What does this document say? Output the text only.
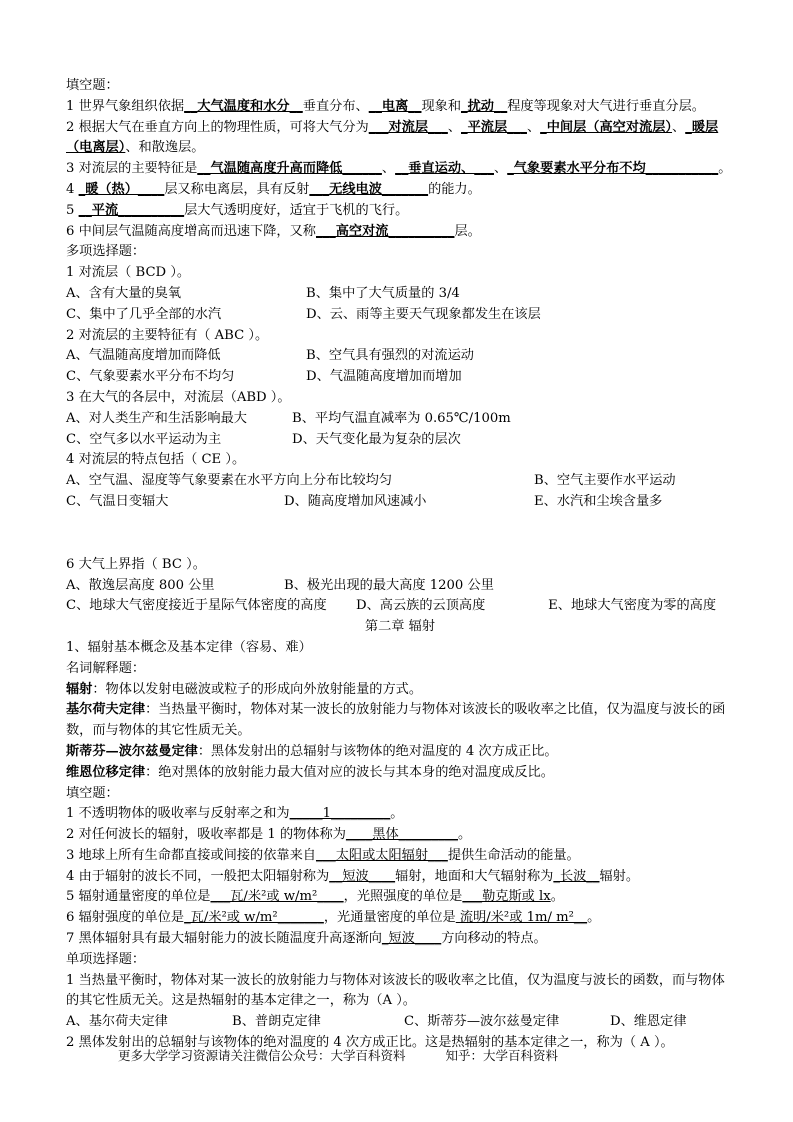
填空题：
1 世界气象组织依据__大气温度和水分__垂直分布、__电离__现象和_扰动__程度等现象对大气进行垂直分层。
2 根据大气在垂直方向上的物理性质，可将大气分为___对流层___、_平流层___、_中间层（高空对流层）、_暖层（电离层）、和散逸层。
3 对流层的主要特征是__气温随高度升高而降低______、__垂直运动、___、_气象要素水平分布不均___________。
4 _暖（热）____层又称电离层，具有反射___无线电波_______的能力。
5 __平流__________层大气透明度好，适宜于飞机的飞行。
6 中间层气温随高度增高而迅速下降，又称___高空对流__________层。
多项选择题：
1 对流层（ BCD ）。
A、含有大量的臭氧	B、集中了大气质量的 3/4
C、集中了几乎全部的水汽	D、云、雨等主要天气现象都发生在该层
2 对流层的主要特征有（ ABC ）。
A、气温随高度增加而降低	B、空气具有强烈的对流运动
C、气象要素水平分布不均匀	D、气温随高度增加而增加
3 在大气的各层中，对流层（ABD ）。
A、对人类生产和生活影响最大	B、平均气温直减率为 0.65℃/100m
C、空气多以水平运动为主	D、天气变化最为复杂的层次
4 对流层的特点包括（ CE ）。
A、空气温、湿度等气象要素在水平方向上分布比较均匀	B、空气主要作水平运动
C、气温日变辐大	D、随高度增加风速减小	E、水汽和尘埃含量多
6 大气上界指（ BC ）。
A、散逸层高度 800 公里	B、极光出现的最大高度 1200 公里
C、地球大气密度接近于星际气体密度的高度 D、高云族的云顶高度	E、地球大气密度为零的高度
第二章 辐射
1、辐射基本概念及基本定律（容易、难）
名词解释题：
辐射：物体以发射电磁波或粒子的形成向外放射能量的方式。
基尔荷夫定律：当热量平衡时，物体对某一波长的放射能力与物体对该波长的吸收率之比值，仅为温度与波长的函数，而与物体的其它性质无关。
斯蒂芬—波尔兹曼定律：黑体发射出的总辐射与该物体的绝对温度的 4 次方成正比。
维恩位移定律：绝对黑体的放射能力最大值对应的波长与其本身的绝对温度成反比。
填空题：
1 不透明物体的吸收率与反射率之和为_____1_________。
2 对任何波长的辐射，吸收率都是 1 的物体称为____黑体_________。
3 地球上所有生命都直接或间接的依靠来自___太阳或太阳辐射___提供生命活动的能量。
4 由于辐射的波长不同，一般把太阳辐射称为__短波____辐射，地面和大气辐射称为_长波__辐射。
5 辐射通量密度的单位是___瓦/米²或 w/m²____，光照强度的单位是___勒克斯或 lx。
6 辐射强度的单位是_瓦/米²或 w/m²_______，光通量密度的单位是 流明/米²或 1m/ m²__。
7 黑体辐射具有最大辐射能力的波长随温度升高逐渐向_短波____方向移动的特点。
单项选择题：
1 当热量平衡时，物体对某一波长的放射能力与物体对该波长的吸收率之比值，仅为温度与波长的函数，而与物体的其它性质无关。这是热辐射的基本定律之一，称为（A ）。
A、基尔荷夫定律	B、普朗克定律	C、斯蒂芬—波尔兹曼定律	D、维恩定律
2 黑体发射出的总辐射与该物体的绝对温度的 4 次方成正比。这是热辐射的基本定律之一，称为（ A ）。
更多大学学习资源请关注微信公众号：大学百科资料	知乎：大学百科资料
